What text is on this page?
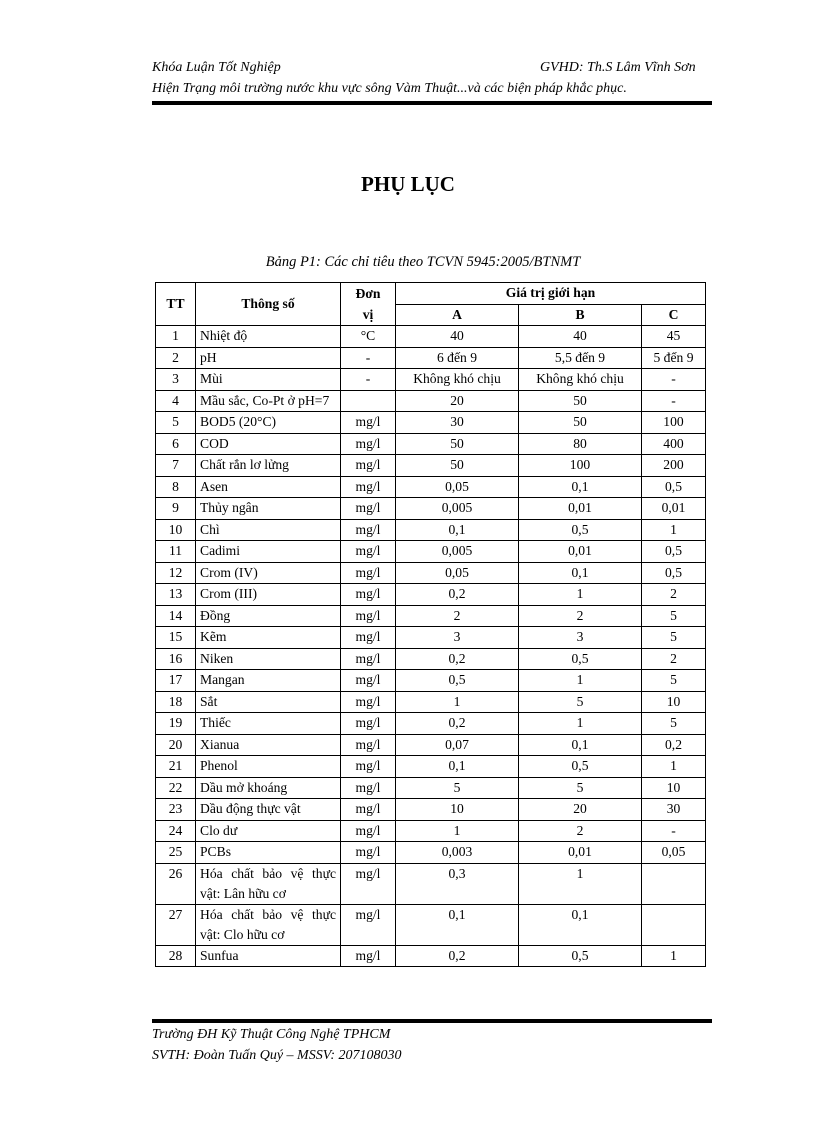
Khóa Luận Tốt Nghiệp	GVHD: Th.S Lâm Vĩnh Sơn
Hiện Trạng môi trường nước khu vực sông Vàm Thuật...và các biện pháp khắc phục.
PHỤ LỤC
Bảng P1: Các chỉ tiêu theo TCVN 5945:2005/BTNMT
TT	Thông số	Đơn	Giá trị giới hạn		
		vị	A	B	C
1	Nhiệt độ	°C	40	40	45
2	pH	-	6 đến 9	5,5 đến 9	5 đến 9
3	Mùi	-	Không khó chịu	Không khó chịu	-
4	Mầu sắc, Co-Pt ở pH=7		20	50	-
5	BOD5 (20°C)	mg/l	30	50	100
6	COD	mg/l	50	80	400
7	Chất rắn lơ lửng	mg/l	50	100	200
8	Asen	mg/l	0,05	0,1	0,5
9	Thủy ngân	mg/l	0,005	0,01	0,01
10	Chì	mg/l	0,1	0,5	1
11	Cadimi	mg/l	0,005	0,01	0,5
12	Crom (IV)	mg/l	0,05	0,1	0,5
13	Crom (III)	mg/l	0,2	1	2
14	Đồng	mg/l	2	2	5
15	Kẽm	mg/l	3	3	5
16	Niken	mg/l	0,2	0,5	2
17	Mangan	mg/l	0,5	1	5
18	Sắt	mg/l	1	5	10
19	Thiếc	mg/l	0,2	1	5
20	Xianua	mg/l	0,07	0,1	0,2
21	Phenol	mg/l	0,1	0,5	1
22	Dầu mở khoáng	mg/l	5	5	10
23	Dầu động thực vật	mg/l	10	20	30
24	Clo dư	mg/l	1	2	-
25	PCBs	mg/l	0,003	0,01	0,05
26	Hóa chất bảo vệ thực vật: Lân hữu cơ	mg/l	0,3	1	
27	Hóa chất bảo vệ thực vật: Clo hữu cơ	mg/l	0,1	0,1	
28	Sunfua	mg/l	0,2	0,5	1
Trường ĐH Kỹ Thuật Công Nghệ TPHCM
SVTH: Đoàn Tuấn Quý – MSSV: 207108030
